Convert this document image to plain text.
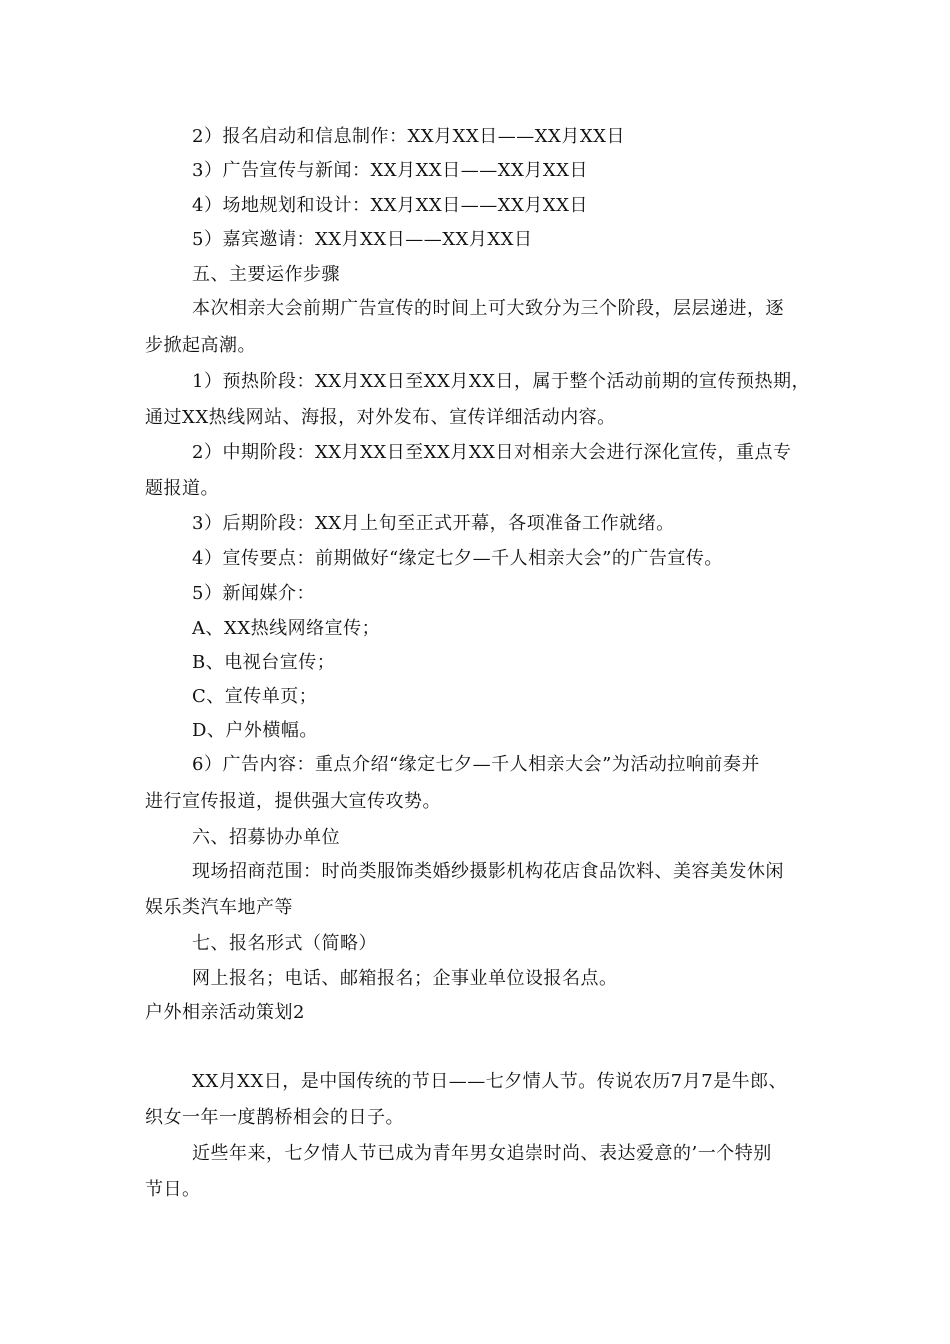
2）报名启动和信息制作：XX月XX日——XX月XX日
3）广告宣传与新闻：XX月XX日——XX月XX日
4）场地规划和设计：XX月XX日——XX月XX日
5）嘉宾邀请：XX月XX日——XX月XX日
五、主要运作步骤
本次相亲大会前期广告宣传的时间上可大致分为三个阶段，层层递进，逐
步掀起高潮。
1）预热阶段：XX月XX日至XX月XX日，属于整个活动前期的宣传预热期，
通过XX热线网站、海报，对外发布、宣传详细活动内容。
2）中期阶段：XX月XX日至XX月XX日对相亲大会进行深化宣传，重点专
题报道。
3）后期阶段：XX月上旬至正式开幕，各项准备工作就绪。
4）宣传要点：前期做好“缘定七夕—千人相亲大会”的广告宣传。
5）新闻媒介：
A、XX热线网络宣传；
B、电视台宣传；
C、宣传单页；
D、户外横幅。
6）广告内容：重点介绍“缘定七夕—千人相亲大会”为活动拉响前奏并
进行宣传报道，提供强大宣传攻势。
六、招募协办单位
现场招商范围：时尚类服饰类婚纱摄影机构花店食品饮料、美容美发休闲
娱乐类汽车地产等
七、报名形式（简略）
网上报名；电话、邮箱报名；企事业单位设报名点。
户外相亲活动策划2
XX月XX日，是中国传统的节日——七夕情人节。传说农历7月7是牛郎、
织女一年一度鹊桥相会的日子。
近些年来，七夕情人节已成为青年男女追崇时尚、表达爱意的’一个特别
节日。
